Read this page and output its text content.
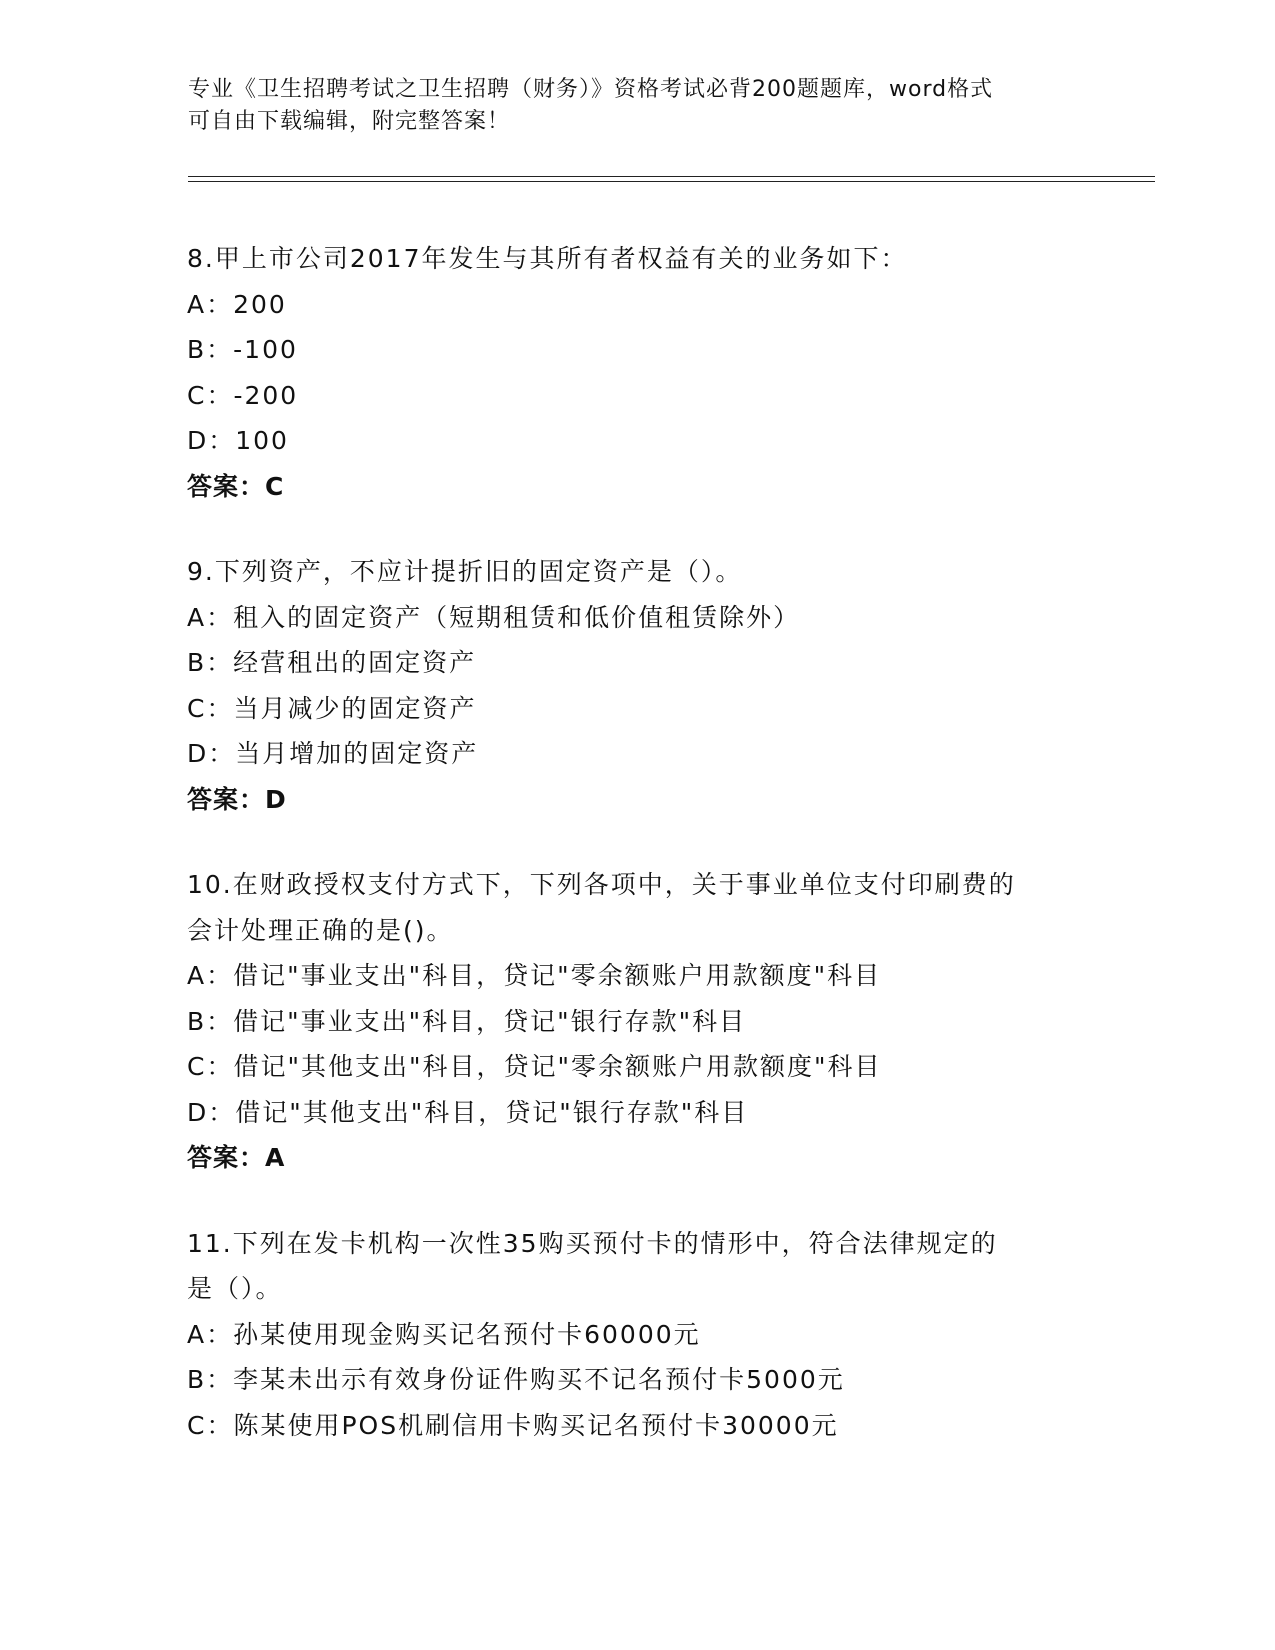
专业《卫生招聘考试之卫生招聘（财务）》资格考试必背200题题库，word格式
可自由下载编辑，附完整答案！
8.甲上市公司2017年发生与其所有者权益有关的业务如下：
A：200
B：-100
C：-200
D：100
答案：C
9.下列资产，不应计提折旧的固定资产是（）。
A：租入的固定资产（短期租赁和低价值租赁除外）
B：经营租出的固定资产
C：当月减少的固定资产
D：当月增加的固定资产
答案：D
10.在财政授权支付方式下，下列各项中，关于事业单位支付印刷费的
会计处理正确的是()。
A：借记"事业支出"科目，贷记"零余额账户用款额度"科目
B：借记"事业支出"科目，贷记"银行存款"科目
C：借记"其他支出"科目，贷记"零余额账户用款额度"科目
D：借记"其他支出"科目，贷记"银行存款"科目
答案：A
11.下列在发卡机构一次性35购买预付卡的情形中，符合法律规定的
是（）。
A：孙某使用现金购买记名预付卡60000元
B：李某未出示有效身份证件购买不记名预付卡5000元
C：陈某使用POS机刷信用卡购买记名预付卡30000元
